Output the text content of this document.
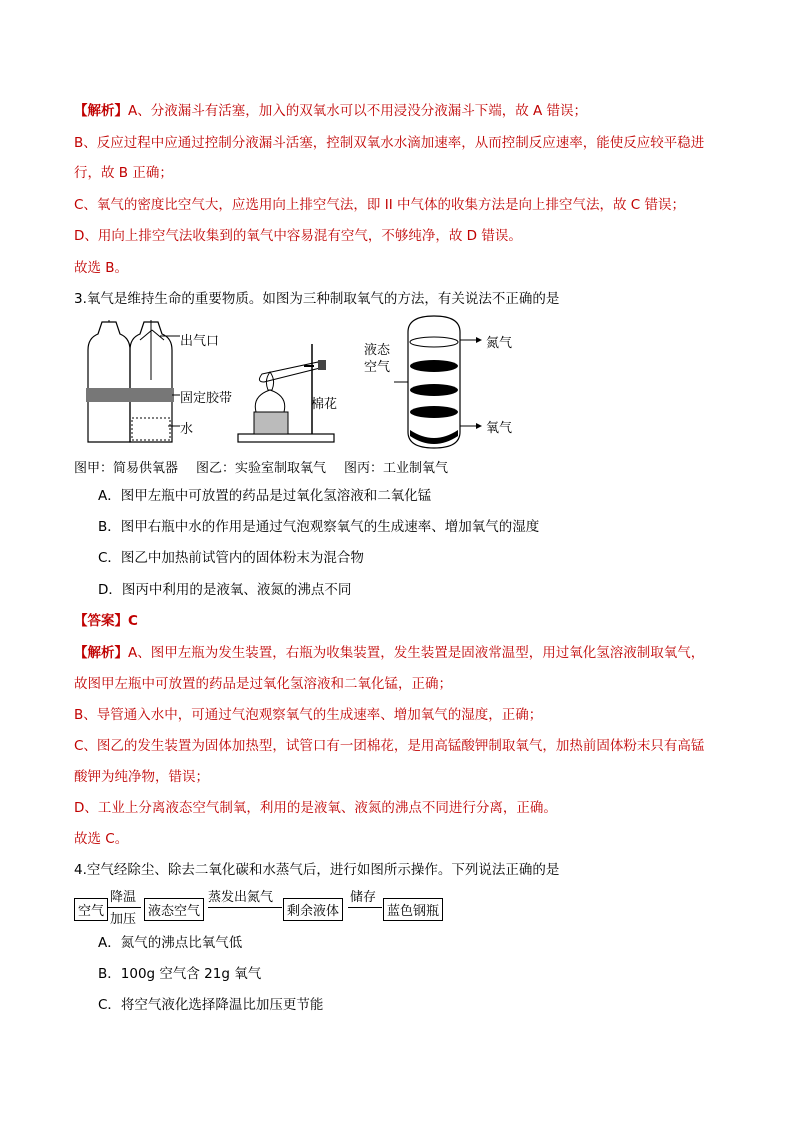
【解析】A、分液漏斗有活塞，加入的双氧水可以不用浸没分液漏斗下端，故 A 错误；
B、反应过程中应通过控制分液漏斗活塞，控制双氧水水滴加速率，从而控制反应速率，能使反应较平稳进
行，故 B 正确；
C、氧气的密度比空气大，应选用向上排空气法，即 II 中气体的收集方法是向上排空气法，故 C 错误；
D、用向上排空气法收集到的氧气中容易混有空气，不够纯净，故 D 错误。
故选 B。
3.氧气是维持生命的重要物质。如图为三种制取氧气的方法，有关说法不正确的是
出气口
固定胶带
水
棉花
液态
空气
氮气
氧气
图甲：简易供氧器 图乙：实验室制取氧气 图丙：工业制氧气
A．图甲左瓶中可放置的药品是过氧化氢溶液和二氧化锰
B．图甲右瓶中水的作用是通过气泡观察氧气的生成速率、增加氧气的湿度
C．图乙中加热前试管内的固体粉末为混合物
D．图丙中利用的是液氧、液氮的沸点不同
【答案】C
【解析】A、图甲左瓶为发生装置，右瓶为收集装置，发生装置是固液常温型，用过氧化氢溶液制取氧气，
故图甲左瓶中可放置的药品是过氧化氢溶液和二氧化锰，正确；
B、导管通入水中，可通过气泡观察氧气的生成速率、增加氧气的湿度，正确；
C、图乙的发生装置为固体加热型，试管口有一团棉花，是用高锰酸钾制取氧气，加热前固体粉末只有高锰
酸钾为纯净物，错误；
D、工业上分离液态空气制氧，利用的是液氧、液氮的沸点不同进行分离，正确。
故选 C。
4.空气经除尘、除去二氧化碳和水蒸气后，进行如图所示操作。下列说法正确的是
空气
降温
加压
液态空气
蒸发出氮气
剩余液体
储存
蓝色钢瓶
A．氮气的沸点比氧气低
B．100g 空气含 21g 氧气
C．将空气液化选择降温比加压更节能
